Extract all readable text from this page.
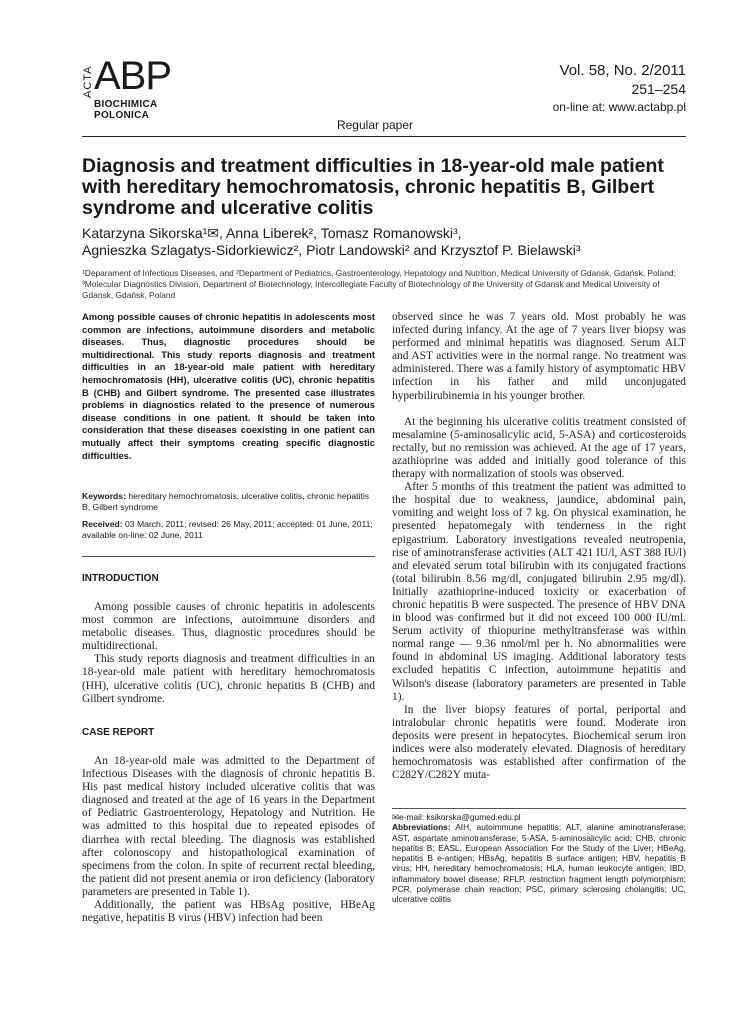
ACTA ABP
BIOCHIMICA
POLONICA
Vol. 58, No. 2/2011
251–254
on-line at: www.actabp.pl
Regular paper
Diagnosis and treatment difficulties in 18-year-old male patient with hereditary hemochromatosis, chronic hepatitis B, Gilbert syndrome and ulcerative colitis
Katarzyna Sikorska¹✉, Anna Liberek², Tomasz Romanowski³,
Agnieszka Szlagatys-Sidorkiewicz², Piotr Landowski² and Krzysztof P. Bielawski³
¹Deparament of Infectious Diseases, and ²Department of Pediatrics, Gastroenterology, Hepatology and Nutrition, Medical University of Gdansk, Gdańsk, Poland; ³Molecular Diagnostics Division, Department of Biotechnology, Intercollegiate Faculty of Biotechnology of the University of Gdansk and Medical University of Gdansk, Gdańsk, Poland
Among possible causes of chronic hepatitis in adolescents most common are infections, autoimmune disorders and metabolic diseases. Thus, diagnostic procedures should be multidirectional. This study reports diagnosis and treatment difficulties in an 18-year-old male patient with hereditary hemochromatosis (HH), ulcerative colitis (UC), chronic hepatitis B (CHB) and Gilbert syndrome. The presented case illustrates problems in diagnostics related to the presence of numerous disease conditions in one patient. It should be taken into consideration that these diseases coexisting in one patient can mutually affect their symptoms creating specific diagnostic difficulties.
Keywords: hereditary hemochromatosis, ulcerative colitis, chronic hepatitis B, Gilbert syndrome
Received: 03 March, 2011; revised: 26 May, 2011; accepted: 01 June, 2011; available on-line: 02 June, 2011
INTRODUCTION

Among possible causes of chronic hepatitis in adolescents most common are infections, autoimmune disorders and metabolic diseases. Thus, diagnostic procedures should be multidirectional.

This study reports diagnosis and treatment difficulties in an 18-year-old male patient with hereditary hemochromatosis (HH), ulcerative colitis (UC), chronic hepatitis B (CHB) and Gilbert syndrome.

CASE REPORT

An 18-year-old male was admitted to the Department of Infectious Diseases with the diagnosis of chronic hepatitis B. His past medical history included ulcerative colitis that was diagnosed and treated at the age of 16 years in the Department of Pediatric Gastroenterology, Hepatology and Nutrition. He was admitted to this hospital due to repeated episodes of diarrhea with rectal bleeding. The diagnosis was established after colonoscopy and histopathological examination of specimens from the colon. In spite of recurrent rectal bleeding, the patient did not present anemia or iron deficiency (laboratory parameters are presented in Table 1).

Additionally, the patient was HBsAg positive, HBeAg negative, hepatitis B virus (HBV) infection had been

observed since he was 7 years old. Most probably he was infected during infancy. At the age of 7 years liver biopsy was performed and minimal hepatitis was diagnosed. Serum ALT and AST activities were in the normal range. No treatment was administered. There was a family history of asymptomatic HBV infection in his father and mild unconjugated hyperbilirubinemia in his younger brother.

At the beginning his ulcerative colitis treatment consisted of mesalamine (5-aminosalicylic acid, 5-ASA) and corticosteroids rectally, but no remission was achieved. At the age of 17 years, azathioprine was added and initially good tolerance of this therapy with normalization of stools was observed.

After 5 months of this treatment the patient was admitted to the hospital due to weakness, jaundice, abdominal pain, vomiting and weight loss of 7 kg. On physical examination, he presented hepatomegaly with tenderness in the right epigastrium. Laboratory investigations revealed neutropenia, rise of aminotransferase activities (ALT 421 IU/l, AST 388 IU/l) and elevated serum total bilirubin with its conjugated fractions (total bilirubin 8.56 mg/dl, conjugated bilirubin 2.95 mg/dl). Initially azathioprine-induced toxicity or exacerbation of chronic hepatitis B were suspected. The presence of HBV DNA in blood was confirmed but it did not exceed 100 000 IU/ml. Serum activity of thiopurine methyltransferase was within normal range — 9.36 nmol/ml per h. No abnormalities were found in abdominal US imaging. Additional laboratory tests excluded hepatitis C infection, autoimmune hepatitis and Wilson's disease (laboratory parameters are presented in Table 1).

In the liver biopsy features of portal, periportal and intralobular chronic hepatitis were found. Moderate iron deposits were present in hepatocytes. Biochemical serum iron indices were also moderately elevated. Diagnosis of hereditary hemochromatosis was established after confirmation of the C282Y/C282Y muta-

✉e-mail: ksikorska@gumed.edu.pl
Abbreviations: AIH, autoimmune hepatitis; ALT, alanine aminotransferase; AST, aspartate aminotransferase; 5-ASA, 5-aminosalicylic acid; CHB, chronic hepatitis B; EASL, European Association For the Study of the Liver; HBeAg, hepatitis B e-antigen; HBsAg, hepatitis B surface antigen; HBV, hepatitis B virus; HH, hereditary hemochromatosis; HLA, human leukocyte antigen; IBD, inflammatory bowel disease; RFLP, restriction fragment length polymorphism; PCR, polymerase chain reaction; PSC, primary sclerosing cholangitis; UC, ulcerative colitis
